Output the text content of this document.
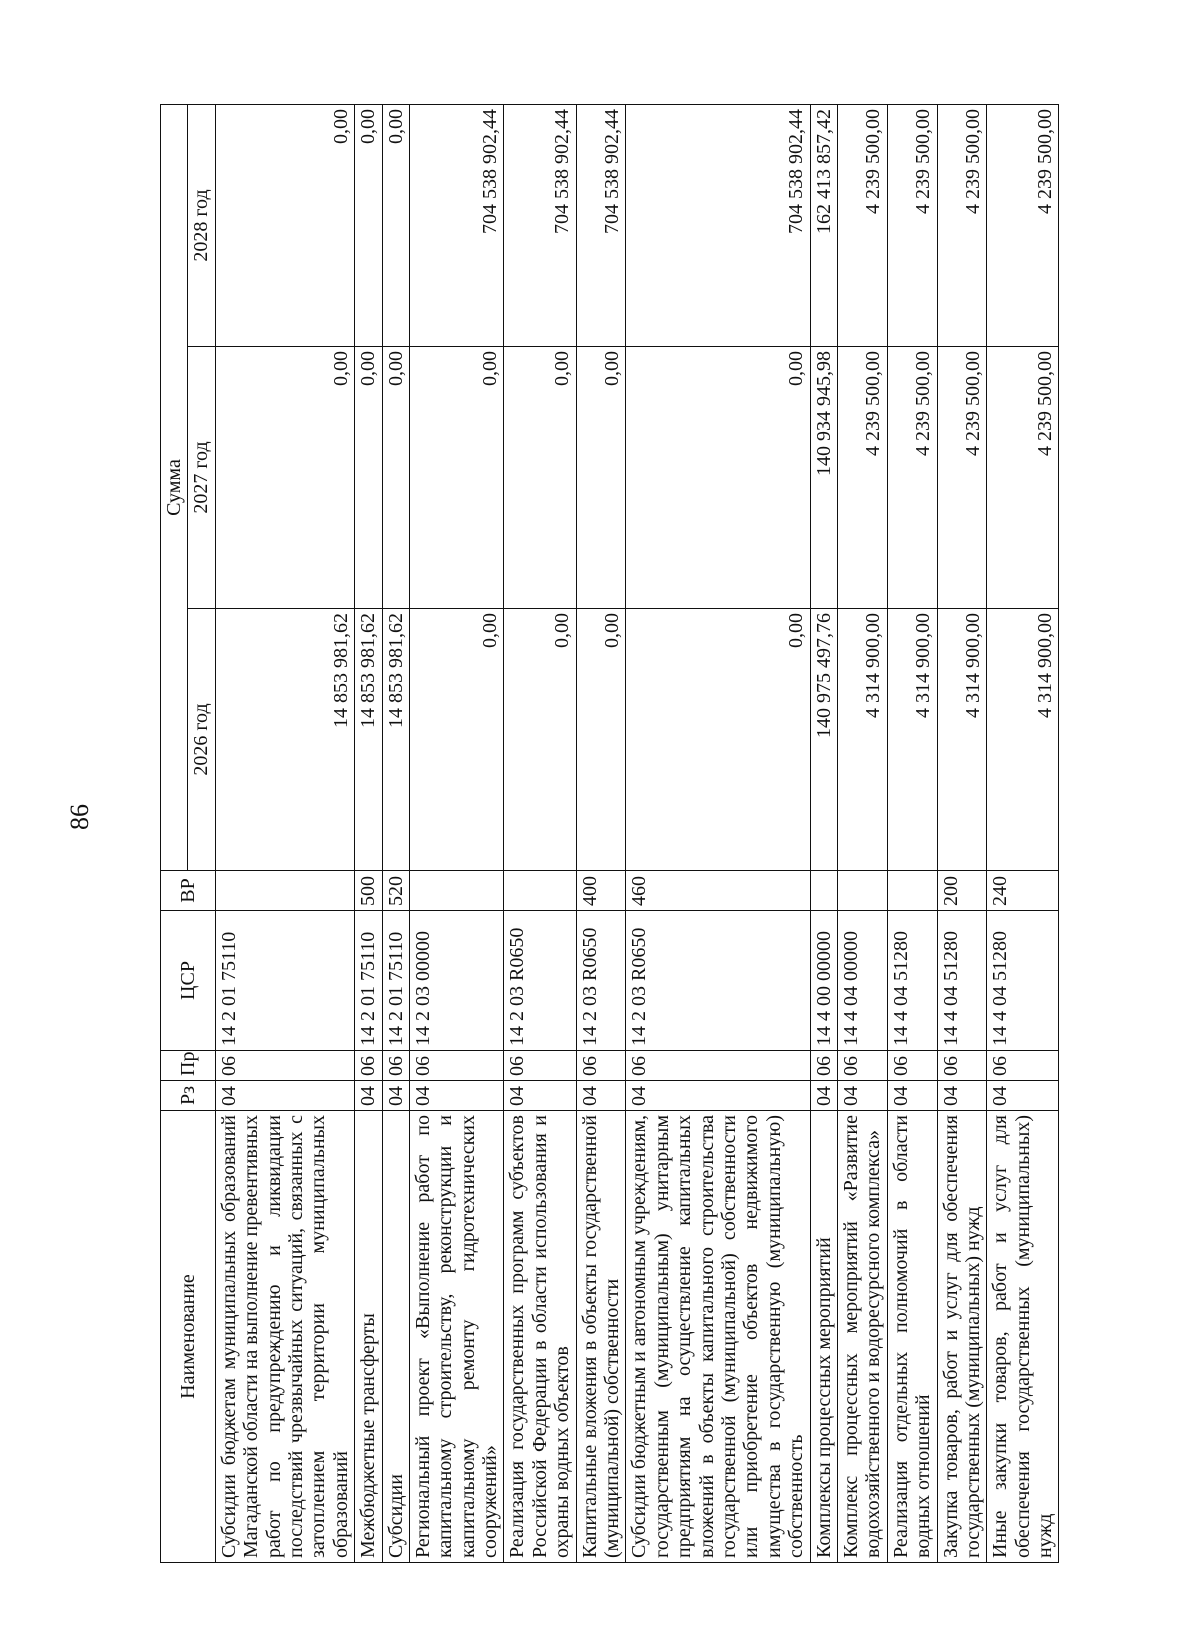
86
Наименование	Рз	Пр	ЦСР	ВР	Сумма		
					2026 год	2027 год	2028 год
Субсидии бюджетам муниципальных образований Магаданской области на выполнение превентивных работ по предупреждению и ликвидации последствий чрезвычайных ситуаций, связанных с затоплением территории муниципальных образований	04	06	14 2 01 75110		14 853 981,62	0,00	0,00
Межбюджетные трансферты	04	06	14 2 01 75110	500	14 853 981,62	0,00	0,00
Субсидии	04	06	14 2 01 75110	520	14 853 981,62	0,00	0,00
Региональный проект «Выполнение работ по капитальному строительству, реконструкции и капитальному ремонту гидротехнических сооружений»	04	06	14 2 03 00000		0,00	0,00	704 538 902,44
Реализация государственных программ субъектов Российской Федерации в области использования и охраны водных объектов	04	06	14 2 03 R0650		0,00	0,00	704 538 902,44
Капитальные вложения в объекты государственной (муниципальной) собственности	04	06	14 2 03 R0650	400	0,00	0,00	704 538 902,44
Субсидии бюджетным и автономным учреждениям, государственным (муниципальным) унитарным предприятиям на осуществление капитальных вложений в объекты капитального строительства государственной (муниципальной) собственности или приобретение объектов недвижимого имущества в государственную (муниципальную) собственность	04	06	14 2 03 R0650	460	0,00	0,00	704 538 902,44
Комплексы процессных мероприятий	04	06	14 4 00 00000		140 975 497,76	140 934 945,98	162 413 857,42
Комплекс процессных мероприятий «Развитие водохозяйственного и водоресурсного комплекса»	04	06	14 4 04 00000		4 314 900,00	4 239 500,00	4 239 500,00
Реализация отдельных полномочий в области водных отношений	04	06	14 4 04 51280		4 314 900,00	4 239 500,00	4 239 500,00
Закупка товаров, работ и услуг для обеспечения государственных (муниципальных) нужд	04	06	14 4 04 51280	200	4 314 900,00	4 239 500,00	4 239 500,00
Иные закупки товаров, работ и услуг для обеспечения государственных (муниципальных) нужд	04	06	14 4 04 51280	240	4 314 900,00	4 239 500,00	4 239 500,00
